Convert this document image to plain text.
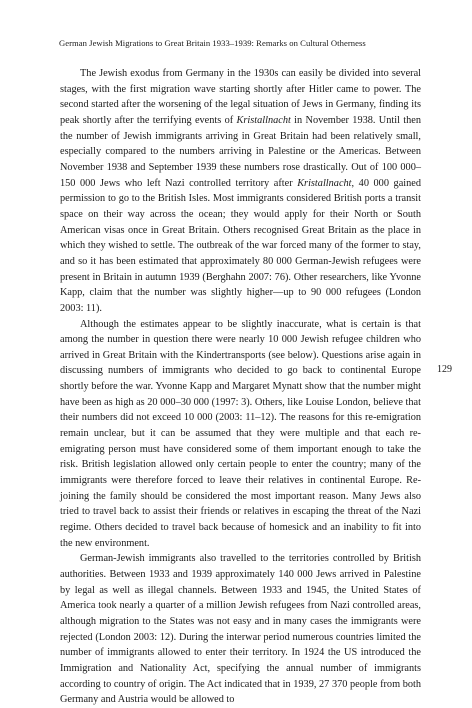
German Jewish Migrations to Great Britain 1933–1939: Remarks on Cultural Otherness
129

The Jewish exodus from Germany in the 1930s can easily be divided into several stages, with the first migration wave starting shortly after Hitler came to power. The second started after the worsening of the legal situation of Jews in Germany, finding its peak shortly after the terrifying events of Kristallnacht in November 1938. Until then the number of Jewish immigrants arriving in Great Britain had been relatively small, especially compared to the numbers arriving in Palestine or the Americas. Between November 1938 and September 1939 these numbers rose drastically. Out of 100 000–150 000 Jews who left Nazi controlled territory after Kristallnacht, 40 000 gained permission to go to the British Isles. Most immigrants considered British ports a transit space on their way across the ocean; they would apply for their North or South American visas once in Great Britain. Others recognised Great Britain as the place in which they wished to settle. The outbreak of the war forced many of the former to stay, and so it has been estimated that approximately 80 000 German-Jewish refugees were present in Britain in autumn 1939 (Berghahn 2007: 76). Other researchers, like Yvonne Kapp, claim that the number was slightly higher—up to 90 000 refugees (London 2003: 11).

Although the estimates appear to be slightly inaccurate, what is certain is that among the number in question there were nearly 10 000 Jewish refugee children who arrived in Great Britain with the Kindertransports (see below). Questions arise again in discussing numbers of immigrants who decided to go back to continental Europe shortly before the war. Yvonne Kapp and Margaret Mynatt show that the number might have been as high as 20 000–30 000 (1997: 3). Others, like Louise London, believe that their numbers did not exceed 10 000 (2003: 11–12). The reasons for this re-emigration remain unclear, but it can be assumed that they were multiple and that each re-emigrating person must have considered some of them important enough to take the risk. British legislation allowed only certain people to enter the country; many of the immigrants were therefore forced to leave their relatives in continental Europe. Re-joining the family should be considered the most important reason. Many Jews also tried to travel back to assist their friends or relatives in escaping the threat of the Nazi regime. Others decided to travel back because of homesick and an inability to fit into the new environment.

German-Jewish immigrants also travelled to the territories controlled by British authorities. Between 1933 and 1939 approximately 140 000 Jews arrived in Palestine by legal as well as illegal channels. Between 1933 and 1945, the United States of America took nearly a quarter of a million Jewish refugees from Nazi controlled areas, although migration to the States was not easy and in many cases the immigrants were rejected (London 2003: 12). During the interwar period numerous countries limited the number of immigrants allowed to enter their territory. In 1924 the US introduced the Immigration and Nationality Act, specifying the annual number of immigrants according to country of origin. The Act indicated that in 1939, 27 370 people from both Germany and Austria would be allowed to
